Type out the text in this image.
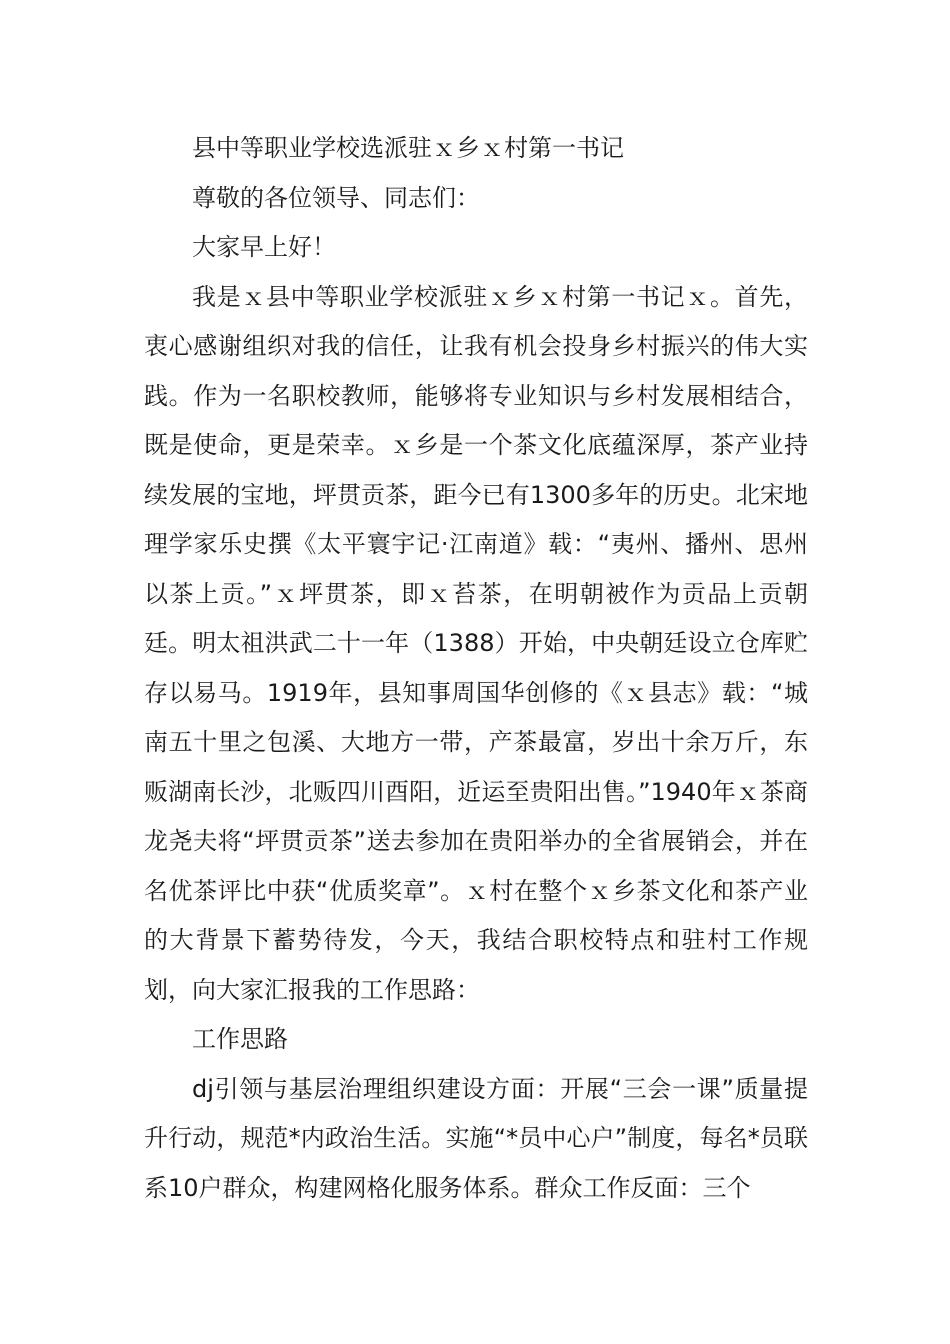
县中等职业学校选派驻ｘ乡ｘ村第一书记

尊敬的各位领导、同志们：

大家早上好！

我是ｘ县中等职业学校派驻ｘ乡ｘ村第一书记ｘ。首先，衷心感谢组织对我的信任，让我有机会投身乡村振兴的伟大实践。作为一名职校教师，能够将专业知识与乡村发展相结合，既是使命，更是荣幸。ｘ乡是一个茶文化底蕴深厚，茶产业持续发展的宝地，坪贯贡茶，距今已有1300多年的历史。北宋地理学家乐史撰《太平寰宇记·江南道》载：“夷州、播州、思州以茶上贡。”ｘ坪贯茶，即ｘ苔茶，在明朝被作为贡品上贡朝廷。明太祖洪武二十一年（1388）开始，中央朝廷设立仓库贮存以易马。1919年，县知事周国华创修的《ｘ县志》载：“城南五十里之包溪、大地方一带，产茶最富，岁出十余万斤，东贩湖南长沙，北贩四川酉阳，近运至贵阳出售。”1940年ｘ茶商龙尧夫将“坪贯贡茶”送去参加在贵阳举办的全省展销会，并在名优茶评比中获“优质奖章”。ｘ村在整个ｘ乡茶文化和茶产业的大背景下蓄势待发，今天，我结合职校特点和驻村工作规划，向大家汇报我的工作思路：

工作思路

dj引领与基层治理组织建设方面：开展“三会一课”质量提升行动，规范*内政治生活。实施“*员中心户”制度，每名*员联系10户群众，构建网格化服务体系。群众工作反面：三个
